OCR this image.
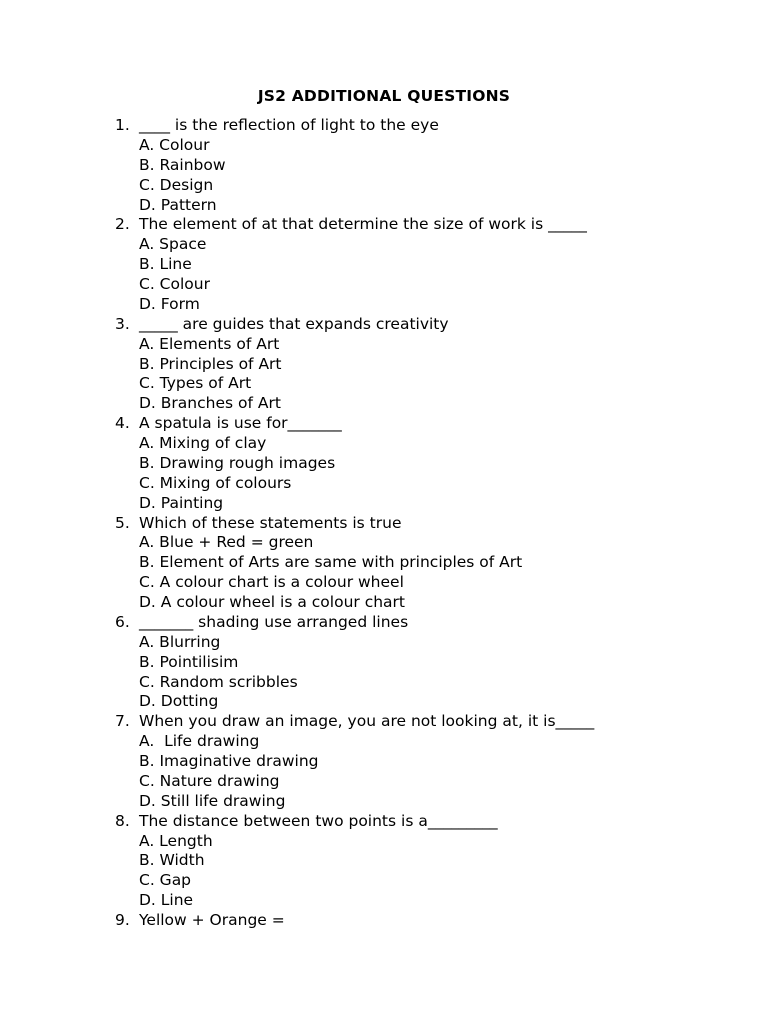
JS2 ADDITIONAL QUESTIONS
1. ____ is the reflection of light to the eye
A. Colour
B. Rainbow
C. Design
D. Pattern
2. The element of at that determine the size of work is _____
A. Space
B. Line
C. Colour
D. Form
3. _____ are guides that expands creativity
A. Elements of Art
B. Principles of Art
C. Types of Art
D. Branches of Art
4. A spatula is use for_______
A. Mixing of clay
B. Drawing rough images
C. Mixing of colours
D. Painting
5. Which of these statements is true
A. Blue + Red = green
B. Element of Arts are same with principles of Art
C. A colour chart is a colour wheel
D. A colour wheel is a colour chart
6. _______ shading use arranged lines
A. Blurring
B. Pointilisim
C. Random scribbles
D. Dotting
7. When you draw an image, you are not looking at, it is_____
A.  Life drawing
B. Imaginative drawing
C. Nature drawing
D. Still life drawing
8. The distance between two points is a_________
A. Length
B. Width
C. Gap
D. Line
9. Yellow + Orange =
